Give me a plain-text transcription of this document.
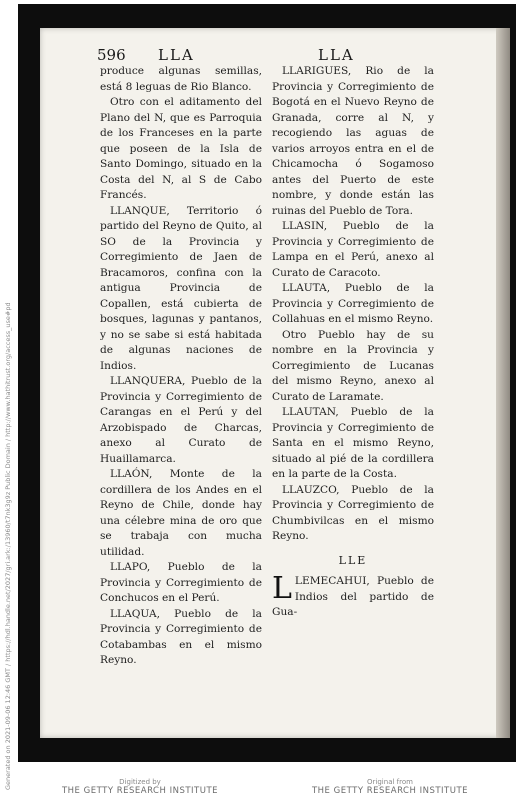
596 LLA	LLA

produce algunas semillas, está 8 leguas de Rio Blanco.

Otro con el aditamento del Plano del N, que es Parroquia de los Franceses en la parte que poseen de la Isla de Santo Domingo, situado en la Costa del N, al S de Cabo Francés.

LLANQUE, Territorio ó partido del Reyno de Quito, al SO de la Provincia y Corregimiento de Jaen de Bracamoros, confina con la antigua Provincia de Copallen, está cubierta de bosques, lagunas y pantanos, y no se sabe si está habitada de algunas naciones de Indios.

LLANQUERA, Pueblo de la Provincia y Corregimiento de Carangas en el Perú y del Arzobispado de Charcas, anexo al Curato de Huaillamarca.

LLAÓN, Monte de la cordillera de los Andes en el Reyno de Chile, donde hay una célebre mina de oro que se trabaja con mucha utilidad.

LLAPO, Pueblo de la Provincia y Corregimiento de Conchucos en el Perú.

LLAQUA, Pueblo de la Provincia y Corregimiento de Cotabambas en el mismo Reyno.

LLARIGUES, Rio de la Provincia y Corregimiento de Bogotá en el Nuevo Reyno de Granada, corre al N, y recogiendo las aguas de varios arroyos entra en el de Chicamocha ó Sogamoso antes del Puerto de este nombre, y donde están las ruinas del Pueblo de Tora.

LLASIN, Pueblo de la Provincia y Corregimiento de Lampa en el Perú, anexo al Curato de Caracoto.

LLAUTA, Pueblo de la Provincia y Corregimiento de Collahuas en el mismo Reyno.

Otro Pueblo hay de su nombre en la Provincia y Corregimiento de Lucanas del mismo Reyno, anexo al Curato de Laramate.

LLAUTAN, Pueblo de la Provincia y Corregimiento de Santa en el mismo Reyno, situado al pié de la cordillera en la parte de la Costa.

LLAUZCO, Pueblo de la Provincia y Corregimiento de Chumbivilcas en el mismo Reyno.

LLE

L LEMECAHUI, Pueblo de Indios del partido de Gua-

Digitized by
THE GETTY RESEARCH INSTITUTE
Original from
THE GETTY RESEARCH INSTITUTE
Generated on 2021-09-06 12:46 GMT / https://hdl.handle.net/2027/gri.ark:/13960/t7nk3g9z Public Domain / http://www.hathitrust.org/access_use#pd
